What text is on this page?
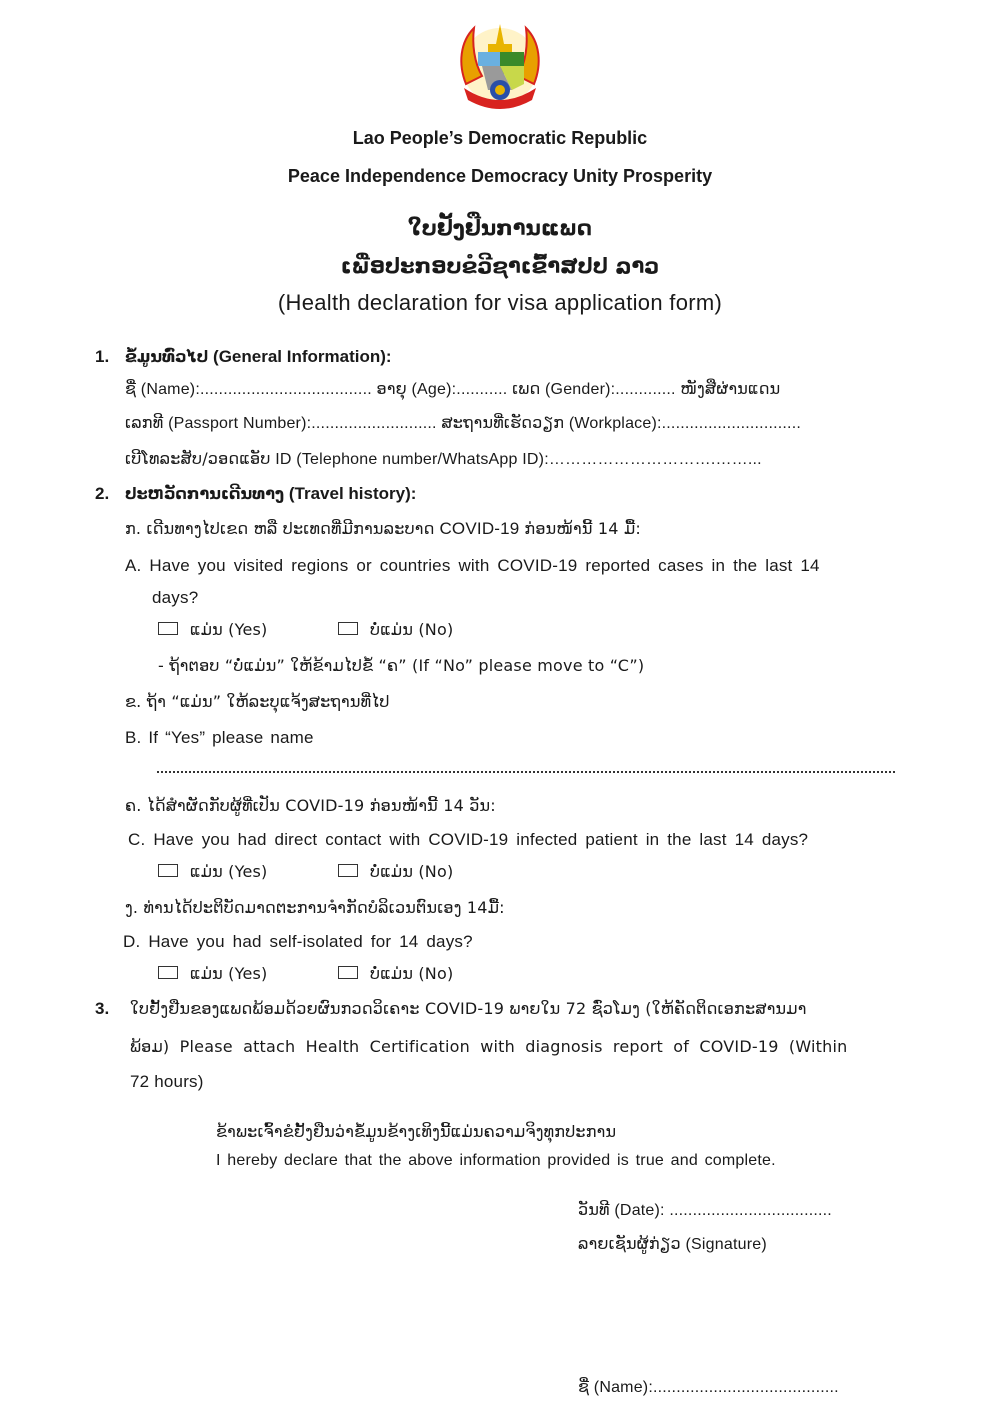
Lao People’s Democratic Republic
Peace Independence Democracy Unity Prosperity
ໃບຢັ້ງຢືນການແພດ
ເພື່ອປະກອບຂໍວີຊາເຂົ້າສປປ ລາວ
(Health declaration for visa application form)
1. ຂໍ້ມູນທົ່ວໄປ (General Information):
ຊື່ (Name):..................................... ອາຍຸ (Age):........... ເພດ (Gender):............. ໜັງສືຜ່ານແດນ
ເລກທີ (Passport Number):........................... ສະຖານທີ່ເຮັດວຽກ (Workplace):..............................
ເບີໂທລະສັບ/ວອດແອັບ ID (Telephone number/WhatsApp ID):………………………….……...
2. ປະຫວັດການເດີນທາງ (Travel history):
ກ. ເດີນທາງໄປເຂດ ຫລື ປະເທດທີ່ມີການລະບາດ COVID-19 ກ່ອນໜ້ານີ້ 14 ມື້:
A. Have you visited regions or countries with COVID-19 reported cases in the last 14
days?
ແມ່ນ (Yes)	ບໍ່ແມ່ນ (No)
- ຖ້າຕອບ “ບໍ່ແມ່ນ” ໃຫ້ຂ້າມໄປຂໍ້ “ຄ” (If “No” please move to “C”)
ຂ. ຖ້າ “ແມ່ນ” ໃຫ້ລະບຸແຈ້ງສະຖານທີ່ໄປ
B. If “Yes” please name
ຄ. ໄດ້ສຳຜັດກັບຜູ້ທີ່ເປັນ COVID-19 ກ່ອນໜ້ານີ້ 14 ວັນ:
C. Have you had direct contact with COVID-19 infected patient in the last 14 days?
ແມ່ນ (Yes)	ບໍ່ແມ່ນ (No)
ງ. ທ່ານໄດ້ປະຕິບັດມາດຕະການຈຳກັດບໍລິເວນຕົນເອງ 14ມື້:
D. Have you had self-isolated for 14 days?
ແມ່ນ (Yes)	ບໍ່ແມ່ນ (No)
3. ໃບຢັ້ງຢືນຂອງແພດພ້ອມດ້ວຍຜົນກວດວິເຄາະ COVID-19 ພາຍໃນ 72 ຊົ່ວໂມງ (ໃຫ້ຄັດຕິດເອກະສານມາ
ພ້ອມ) Please attach Health Certification with diagnosis report of COVID-19 (Within
72 hours)
ຂ້າພະເຈົ້າຂໍຢັ້ງຢືນວ່າຂໍ້ມູນຂ້າງເທິງນີ້ແມ່ນຄວາມຈິງທຸກປະການ
I hereby declare that the above information provided is true and complete.
ວັນທີ (Date): ...................................
ລາຍເຊັນຜູ້ກ່ຽວ (Signature)
ຊື່ (Name):........................................
